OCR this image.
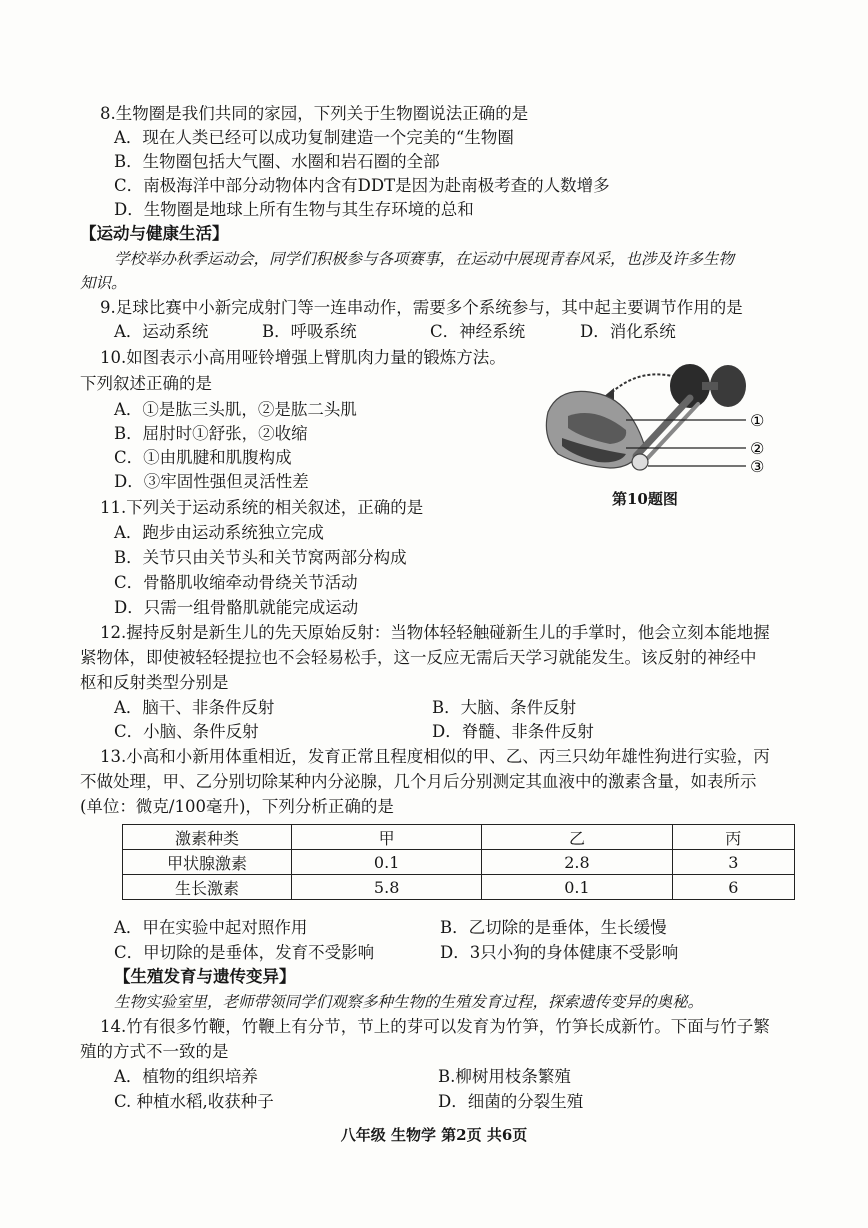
8.生物圈是我们共同的家园，下列关于生物圈说法正确的是
A．现在人类已经可以成功复制建造一个完美的“生物圈
B．生物圈包括大气圈、水圈和岩石圈的全部
C．南极海洋中部分动物体内含有DDT是因为赴南极考查的人数增多
D．生物圈是地球上所有生物与其生存环境的总和
【运动与健康生活】
学校举办秋季运动会，同学们积极参与各项赛事，在运动中展现青春风采，也涉及许多生物
知识。
9.足球比赛中小新完成射门等一连串动作，需要多个系统参与，其中起主要调节作用的是
A．运动系统	B．呼吸系统	C．神经系统	D．消化系统
10.如图表示小高用哑铃增强上臂肌肉力量的锻炼方法。
下列叙述正确的是
A．①是肱三头肌，②是肱二头肌
B．屈肘时①舒张，②收缩
C．①由肌腱和肌腹构成
D．③牢固性强但灵活性差
①
②
③
第10题图
11.下列关于运动系统的相关叙述，正确的是
A．跑步由运动系统独立完成
B．关节只由关节头和关节窝两部分构成
C．骨骼肌收缩牵动骨绕关节活动
D．只需一组骨骼肌就能完成运动
12.握持反射是新生儿的先天原始反射：当物体轻轻触碰新生儿的手掌时，他会立刻本能地握
紧物体，即使被轻轻提拉也不会轻易松手，这一反应无需后天学习就能发生。该反射的神经中
枢和反射类型分别是
A．脑干、非条件反射	B．大脑、条件反射
C．小脑、条件反射	D．脊髓、非条件反射
13.小高和小新用体重相近，发育正常且程度相似的甲、乙、丙三只幼年雄性狗进行实验，丙
不做处理，甲、乙分别切除某种内分泌腺，几个月后分别测定其血液中的激素含量，如表所示
(单位：微克/100毫升)，下列分析正确的是
激素种类	甲	乙	丙
甲状腺激素	0.1	2.8	3
生长激素	5.8	0.1	6
A．甲在实验中起对照作用	B．乙切除的是垂体，生长缓慢
C．甲切除的是垂体，发育不受影响	D．3只小狗的身体健康不受影响
【生殖发育与遗传变异】
生物实验室里，老师带领同学们观察多种生物的生殖发育过程，探索遗传变异的奥秘。
14.竹有很多竹鞭，竹鞭上有分节，节上的芽可以发育为竹笋，竹笋长成新竹。下面与竹子繁
殖的方式不一致的是
A．植物的组织培养	B.柳树用枝条繁殖
C. 种植水稻,收获种子	D．细菌的分裂生殖
八年级 生物学 第2页 共6页
